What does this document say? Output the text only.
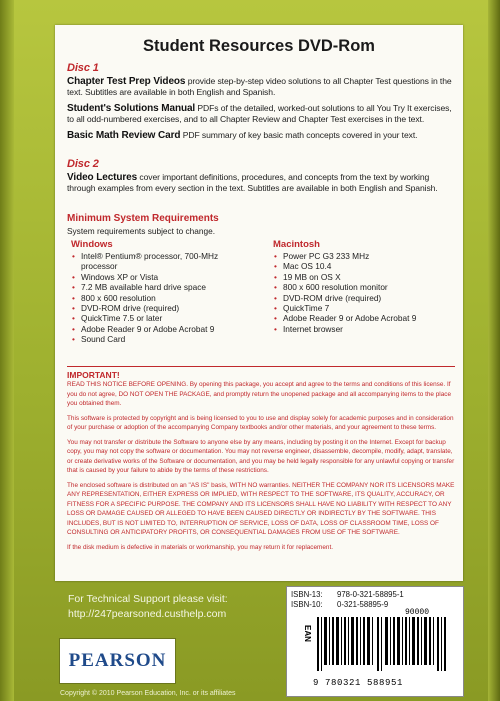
Student Resources DVD-Rom
Disc 1
Chapter Test Prep Videos provide step-by-step video solutions to all Chapter Test questions in the text. Subtitles are available in both English and Spanish.
Student's Solutions Manual PDFs of the detailed, worked-out solutions to all You Try It exercises, to all odd-numbered exercises, and to all Chapter Review and Chapter Test exercises in the text.
Basic Math Review Card PDF summary of key basic math concepts covered in your text.
Disc 2
Video Lectures cover important definitions, procedures, and concepts from the text by working through examples from every section in the text. Subtitles are available in both English and Spanish.
Minimum System Requirements
System requirements subject to change.
Windows
• Intel® Pentium® processor, 700-MHz processor
• Windows XP or Vista
• 7.2 MB available hard drive space
• 800 x 600 resolution
• DVD-ROM drive (required)
• QuickTime 7.5 or later
• Adobe Reader 9 or Adobe Acrobat 9
• Sound Card
Macintosh
• Power PC G3 233 MHz
• Mac OS 10.4
• 19 MB on OS X
• 800 x 600 resolution monitor
• DVD-ROM drive (required)
• QuickTime 7
• Adobe Reader 9 or Adobe Acrobat 9
• Internet browser
IMPORTANT!

READ THIS NOTICE BEFORE OPENING. By opening this package, you accept and agree to the terms and conditions of this license. If you do not agree, DO NOT OPEN THE PACKAGE, and promptly return the unopened package and all accompanying items to the place you obtained them.

This software is protected by copyright and is being licensed to you to use and display solely for academic purposes and in consideration of your purchase or adoption of the accompanying Company textbooks and/or other materials, and your agreement to these terms.

You may not transfer or distribute the Software to anyone else by any means, including by posting it on the Internet. Except for backup copy, you may not copy the software or documentation. You may not reverse engineer, disassemble, decompile, modify, adapt, translate, or create derivative works of the Software or documentation, and you may be held legally responsible for any unlawful copying or transfer that is caused by your failure to abide by the terms of these restrictions.

The enclosed software is distributed on an "AS IS" basis, WITH NO warranties. NEITHER THE COMPANY NOR ITS LICENSORS MAKE ANY REPRESENTATION, EITHER EXPRESS OR IMPLIED, WITH RESPECT TO THE SOFTWARE, ITS QUALITY, ACCURACY, OR FITNESS FOR A SPECIFIC PURPOSE. THE COMPANY AND ITS LICENSORS SHALL HAVE NO LIABILITY WITH RESPECT TO ANY LOSS OR DAMAGE CAUSED OR ALLEGED TO HAVE BEEN CAUSED DIRECTLY OR INDIRECTLY BY THE SOFTWARE. THIS INCLUDES, BUT IS NOT LIMITED TO, INTERRUPTION OF SERVICE, LOSS OF DATA, LOSS OF CLASSROOM TIME, LOSS OF CONSULTING OR ANTICIPATORY PROFITS, OR CONSEQUENTIAL DAMAGES FROM USE OF THE SOFTWARE.

If the disk medium is defective in materials or workmanship, you may return it for replacement.

For Technical Support please visit:
http://247pearsoned.custhelp.com
PEARSON
ISBN-13: 978-0-321-58895-1
ISBN-10: 0-321-58895-9
EAN
90000
9 780321 588951
Copyright © 2010 Pearson Education, Inc. or its affiliates
